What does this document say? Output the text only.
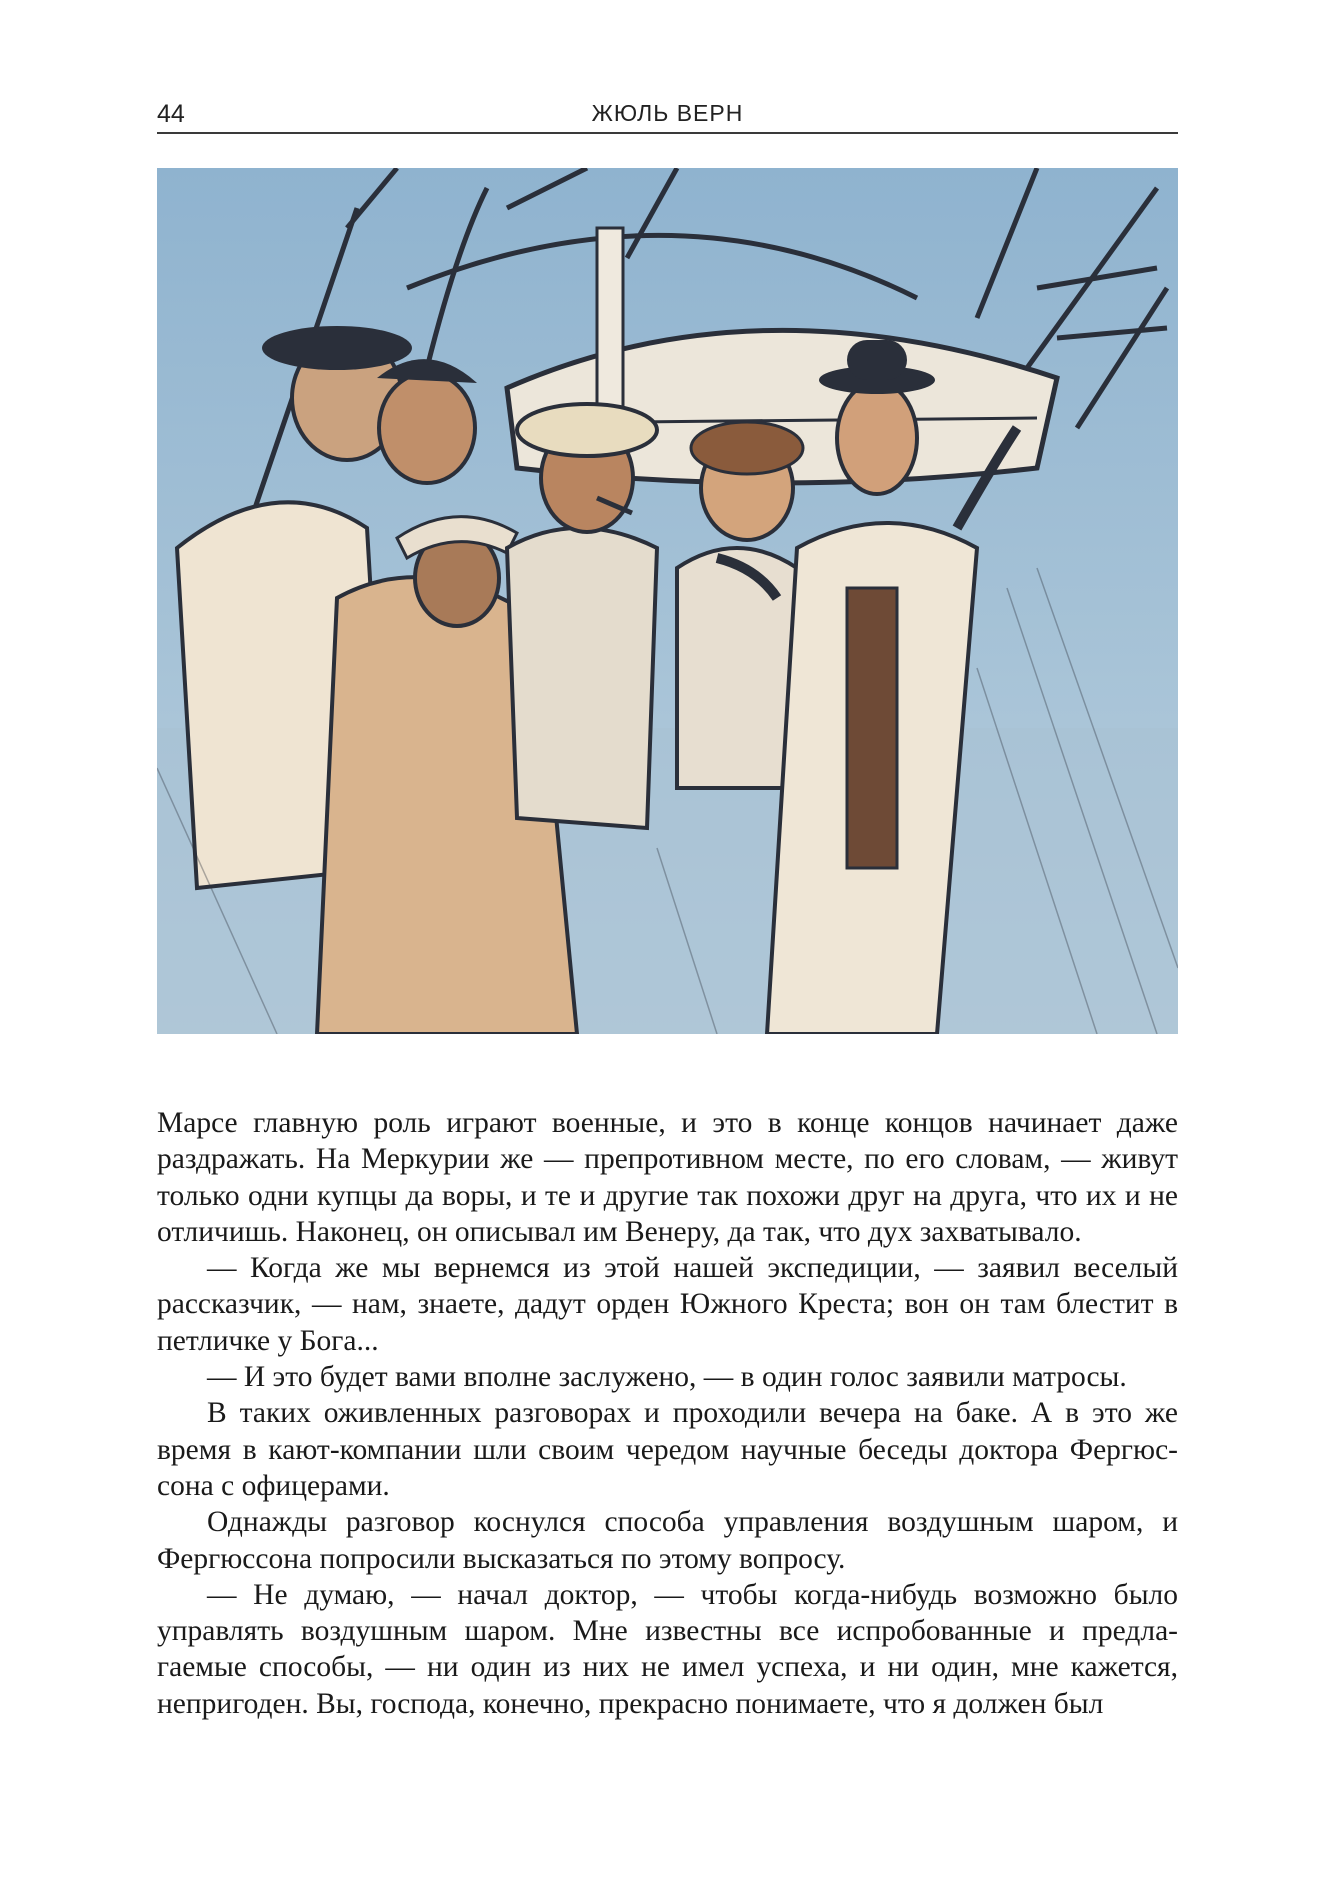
44	ЖЮЛЬ ВЕРН

Марсе главную роль играют военные, и это в конце концов начинает даже раздражать. На Меркурии же — препротивном месте, по его словам, — живут только одни купцы да воры, и те и другие так похожи друг на друга, что их и не отличишь. Наконец, он описывал им Венеру, да так, что дух захватывало.

— Когда же мы вернемся из этой нашей экспедиции, — заявил веселый рассказчик, — нам, знаете, дадут орден Южного Креста; вон он там блестит в петличке у Бога...

— И это будет вами вполне заслужено, — в один голос заявили матросы.

В таких оживленных разговорах и проходили вечера на баке. А в это же время в кают-компании шли своим чередом научные беседы доктора Фергюссона с офицерами.

Однажды разговор коснулся способа управления воздушным шаром, и Фергюссона попросили высказаться по этому вопросу.

— Не думаю, — начал доктор, — чтобы когда-нибудь возможно было управлять воздушным шаром. Мне известны все испробованные и предлагаемые способы, — ни один из них не имел успеха, и ни один, мне кажется, непригоден. Вы, господа, конечно, прекрасно понимаете, что я должен был
